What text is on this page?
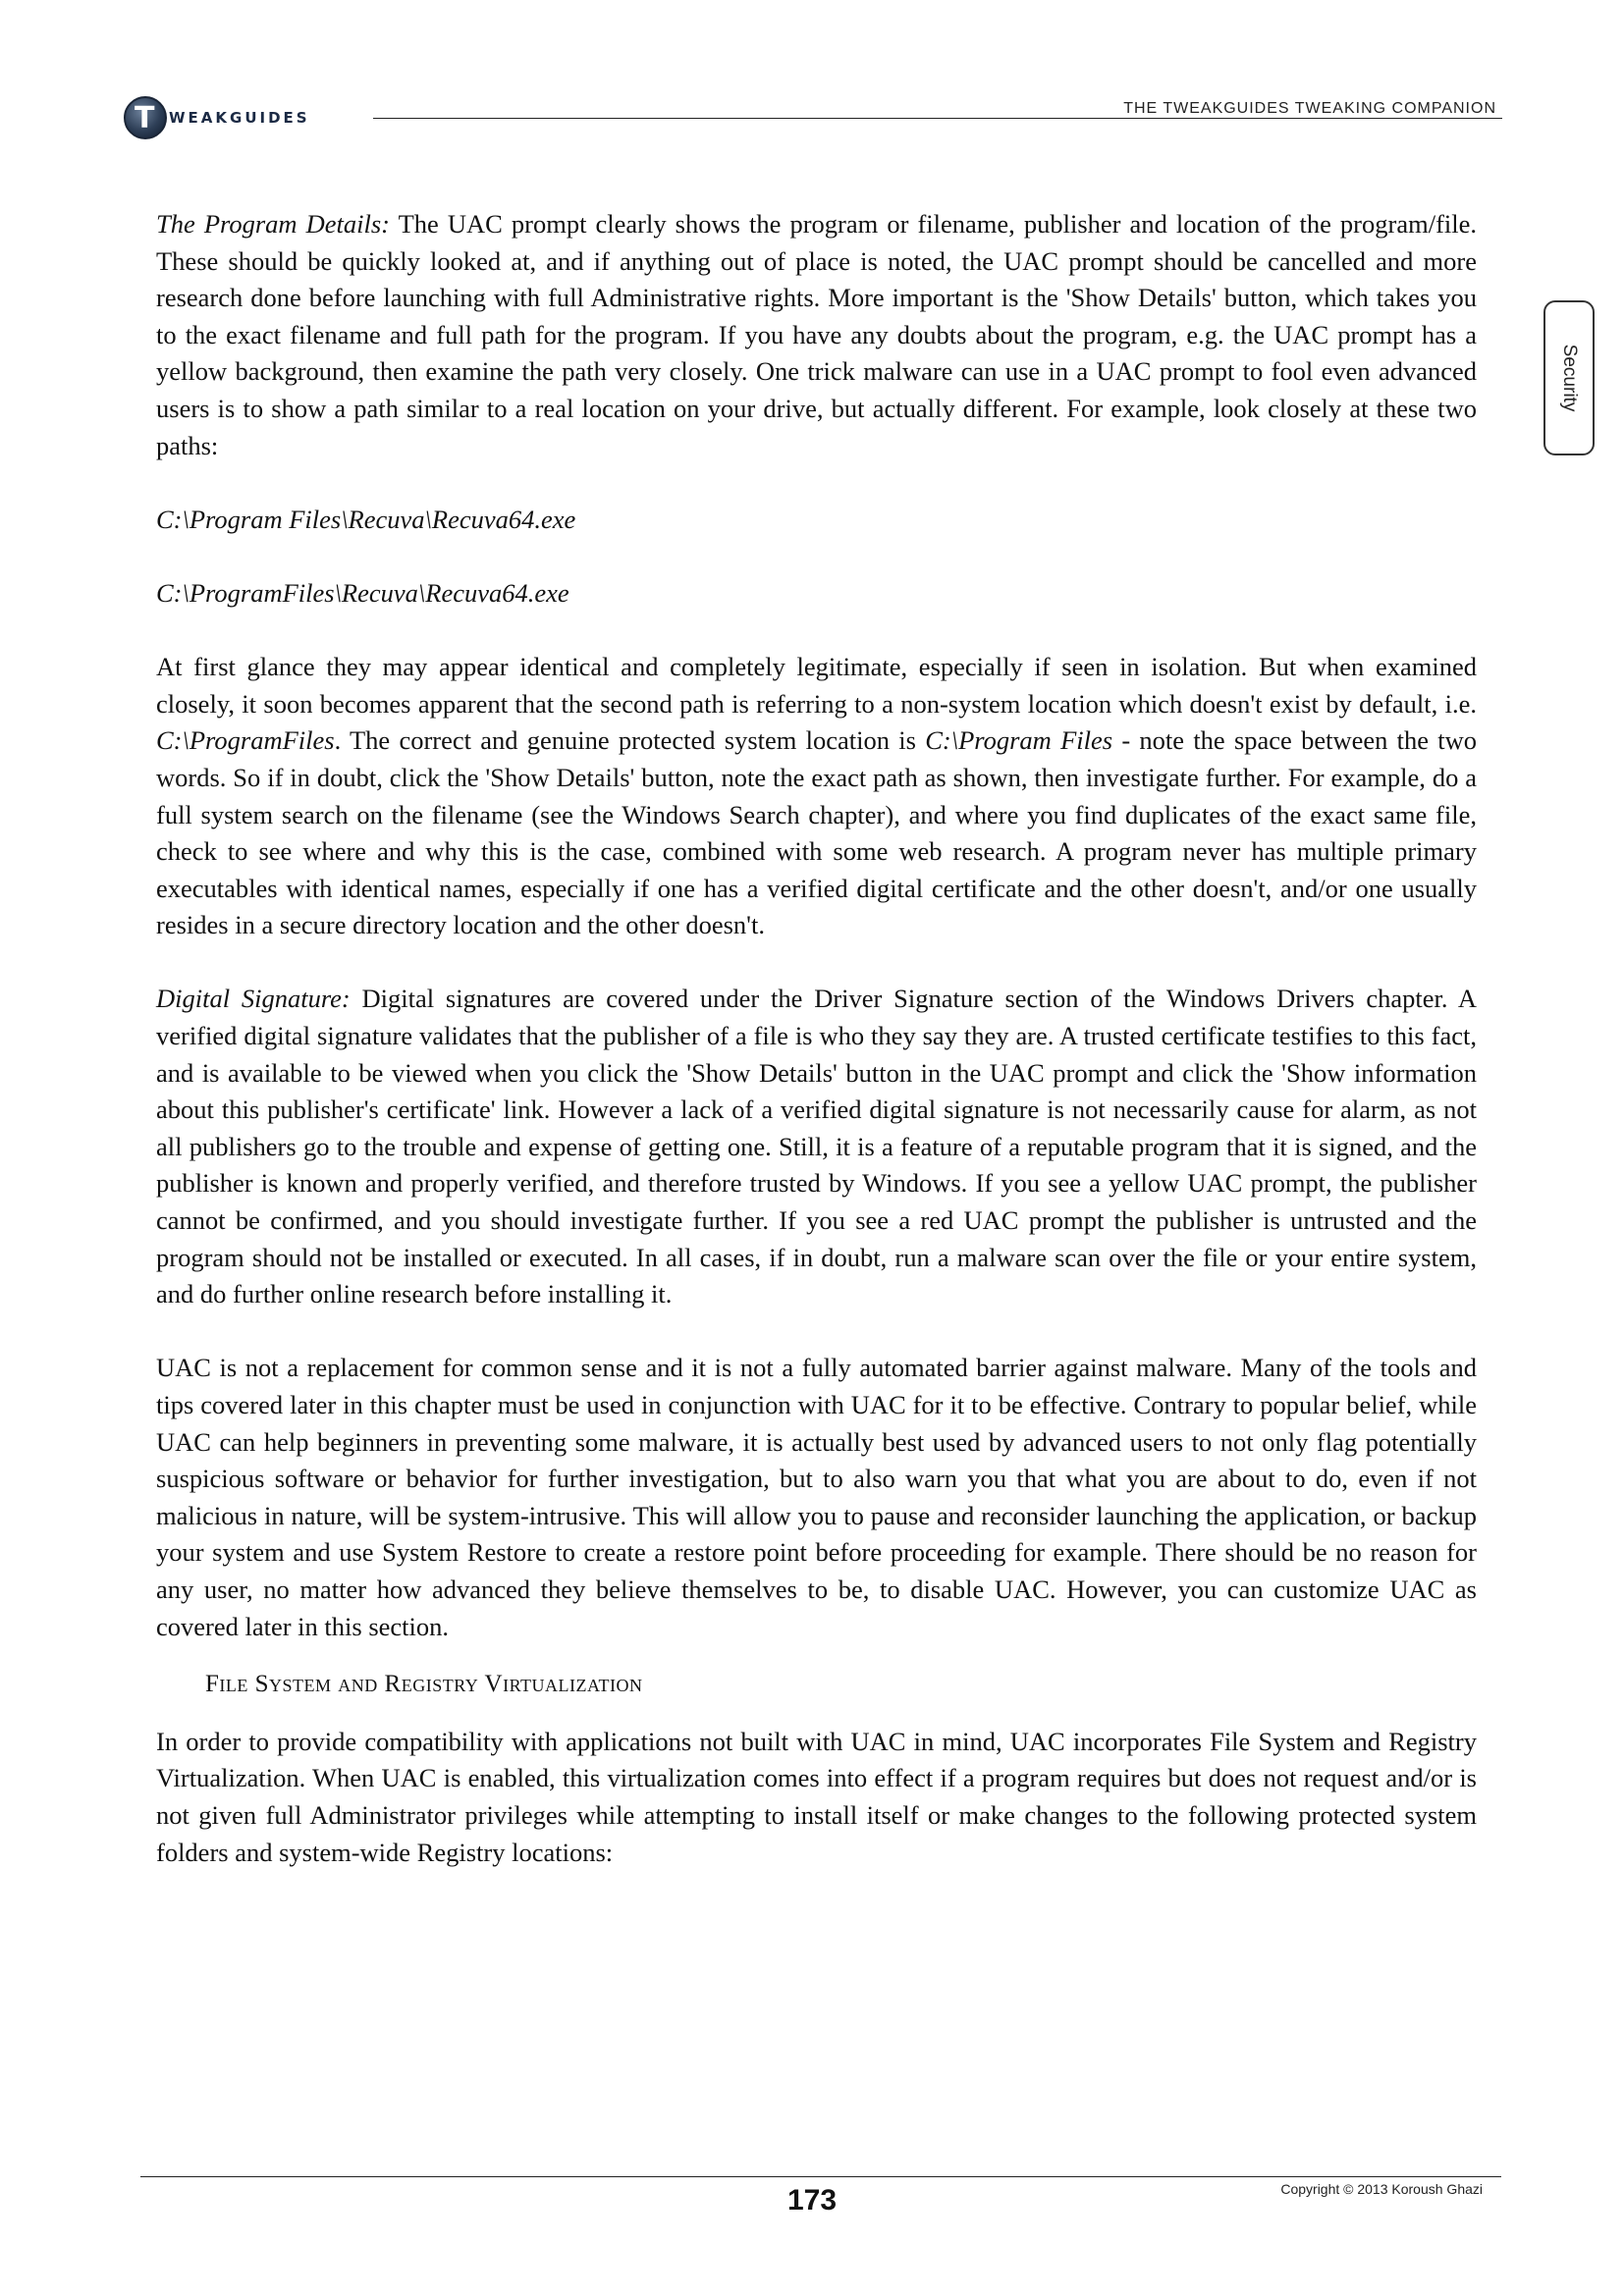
T WEAKGUIDES
THE TWEAKGUIDES TWEAKING COMPANION
Security

The Program Details: The UAC prompt clearly shows the program or filename, publisher and location of the program/file. These should be quickly looked at, and if anything out of place is noted, the UAC prompt should be cancelled and more research done before launching with full Administrative rights. More important is the 'Show Details' button, which takes you to the exact filename and full path for the program. If you have any doubts about the program, e.g. the UAC prompt has a yellow background, then examine the path very closely. One trick malware can use in a UAC prompt to fool even advanced users is to show a path similar to a real location on your drive, but actually different. For example, look closely at these two paths:

C:\Program Files\Recuva\Recuva64.exe

C:\ProgramFiles\Recuva\Recuva64.exe

At first glance they may appear identical and completely legitimate, especially if seen in isolation. But when examined closely, it soon becomes apparent that the second path is referring to a non-system location which doesn't exist by default, i.e. C:\ProgramFiles. The correct and genuine protected system location is C:\Program Files - note the space between the two words. So if in doubt, click the 'Show Details' button, note the exact path as shown, then investigate further. For example, do a full system search on the filename (see the Windows Search chapter), and where you find duplicates of the exact same file, check to see where and why this is the case, combined with some web research. A program never has multiple primary executables with identical names, especially if one has a verified digital certificate and the other doesn't, and/or one usually resides in a secure directory location and the other doesn't.

Digital Signature: Digital signatures are covered under the Driver Signature section of the Windows Drivers chapter. A verified digital signature validates that the publisher of a file is who they say they are. A trusted certificate testifies to this fact, and is available to be viewed when you click the 'Show Details' button in the UAC prompt and click the 'Show information about this publisher's certificate' link. However a lack of a verified digital signature is not necessarily cause for alarm, as not all publishers go to the trouble and expense of getting one. Still, it is a feature of a reputable program that it is signed, and the publisher is known and properly verified, and therefore trusted by Windows. If you see a yellow UAC prompt, the publisher cannot be confirmed, and you should investigate further. If you see a red UAC prompt the publisher is untrusted and the program should not be installed or executed. In all cases, if in doubt, run a malware scan over the file or your entire system, and do further online research before installing it.

UAC is not a replacement for common sense and it is not a fully automated barrier against malware. Many of the tools and tips covered later in this chapter must be used in conjunction with UAC for it to be effective. Contrary to popular belief, while UAC can help beginners in preventing some malware, it is actually best used by advanced users to not only flag potentially suspicious software or behavior for further investigation, but to also warn you that what you are about to do, even if not malicious in nature, will be system-intrusive. This will allow you to pause and reconsider launching the application, or backup your system and use System Restore to create a restore point before proceeding for example. There should be no reason for any user, no matter how advanced they believe themselves to be, to disable UAC. However, you can customize UAC as covered later in this section.

File System and Registry Virtualization

In order to provide compatibility with applications not built with UAC in mind, UAC incorporates File System and Registry Virtualization. When UAC is enabled, this virtualization comes into effect if a program requires but does not request and/or is not given full Administrator privileges while attempting to install itself or make changes to the following protected system folders and system-wide Registry locations:

173	Copyright © 2013 Koroush Ghazi
